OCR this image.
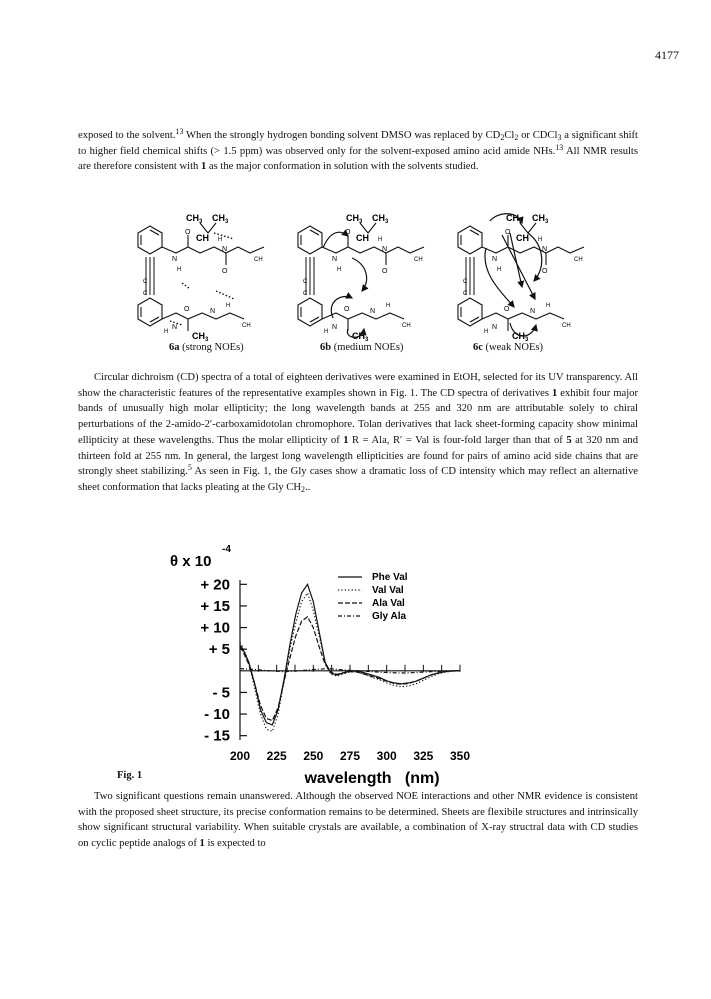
4177
exposed to the solvent.$^{13}$ When the strongly hydrogen bonding solvent DMSO was replaced by $CD_2Cl_2$ or CDCl$_3$ a significant shift to higher field chemical shifts (> 1.5 ppm) was observed only for the solvent-exposed amino acid amide NHs.$^{13}$ All NMR results are therefore consistent with 1 as the major conformation in solution with the solvents studied.
$CH_3$ $CH_3$
CH
O
N
N
O
H
H
C
C
O	N
N
H
H	$CH_3$
CH
CH
$CH_3$ $CH_3$
CH
O
N
N
O
H
H
C
C
O	N
N
H
H	$CH_3$
CH
CH
$CH_3$ $CH_3$
CH
O
N
N
O
H
H
C
C
O	N
N
H
H	$CH_3$
CH
CH
6a (strong NOEs)	6b (medium NOEs)	6c (weak NOEs)
Circular dichroism (CD) spectra of a total of eighteen derivatives were examined in EtOH, selected for its UV transparency. All show the characteristic features of the representative examples shown in Fig. 1. The CD spectra of derivatives 1 exhibit four major bands of unusually high molar ellipticity; the long wavelength bands at 255 and 320 nm are attributable solely to chiral perturbations of the 2-amido-2′-carboxamidotolan chromophore. Tolan derivatives that lack sheet-forming capacity show minimal ellipticity at these wavelengths. Thus the molar ellipticity of 1 R = Ala, R′ = Val is four-fold larger than that of 5 at 320 nm and thirteen fold at 255 nm. In general, the largest long wavelength ellipticities are found for pairs of amino acid side chains that are strongly sheet stabilizing.$^5$ As seen in Fig. 1, the Gly cases show a dramatic loss of CD intensity which may reflect an alternative sheet conformation that lacks pleating at the Gly $CH_2$..
θ x 10
-4
+ 20
+ 15
+ 10
+ 5
- 5
- 10
- 15
200 225 250 275 300 325 350
wavelength   (nm)
Phe Val
Val Val
Ala Val
Gly Ala
Fig. 1
Two significant questions remain unanswered. Although the observed NOE interactions and other NMR evidence is consistent with the proposed sheet structure, its precise conformation remains to be determined. Sheets are flexibile structures and intrinsically show significant structural variability. When suitable crystals are available, a combination of X-ray structral data with CD studies on cyclic peptide analogs of 1 is expected to
